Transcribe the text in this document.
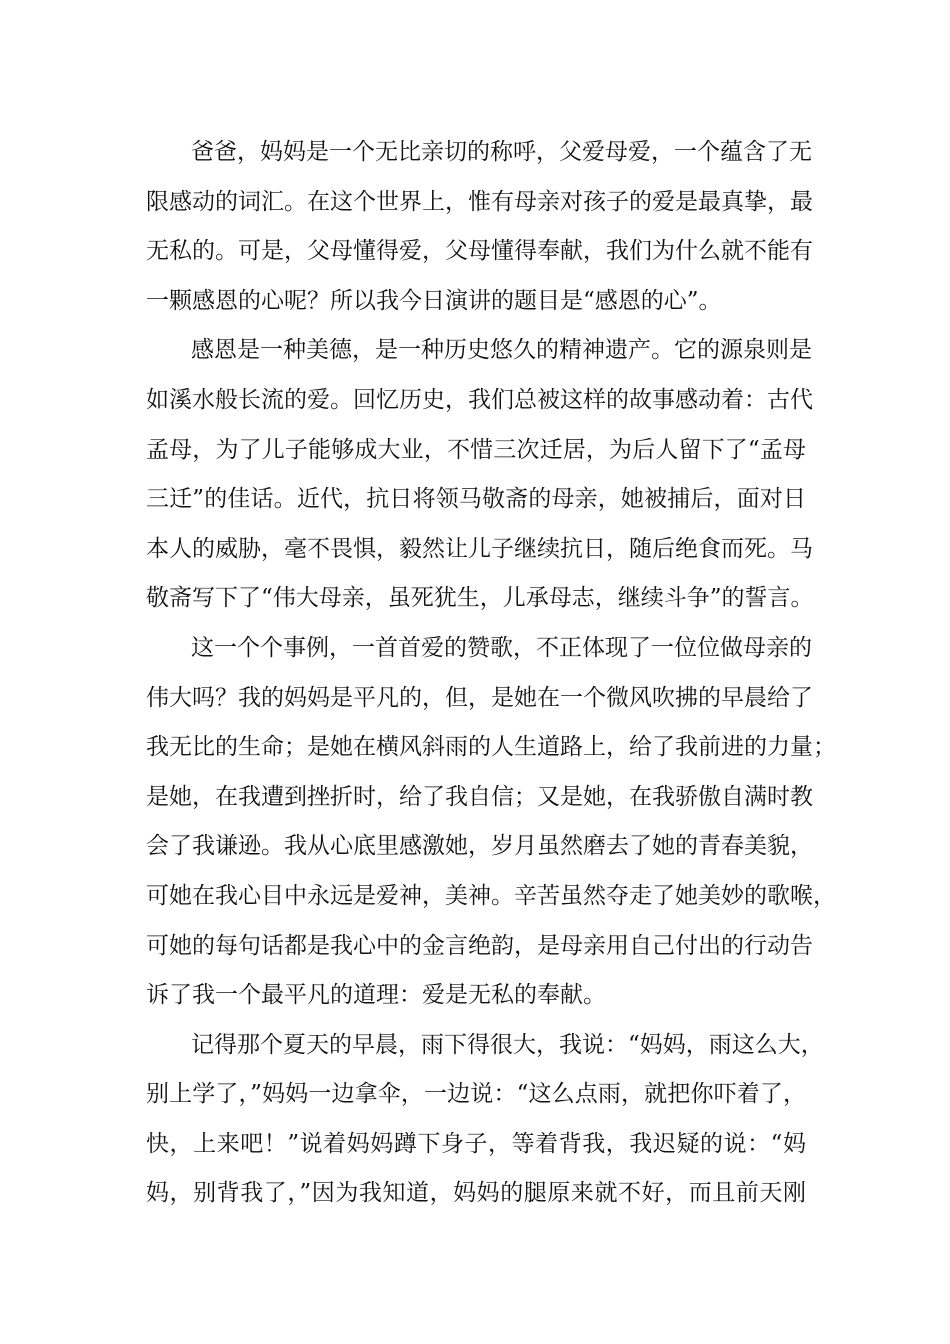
爸爸，妈妈是一个无比亲切的称呼，父爱母爱，一个蕴含了无
限感动的词汇。在这个世界上，惟有母亲对孩子的爱是最真挚，最
无私的。可是，父母懂得爱，父母懂得奉献，我们为什么就不能有
一颗感恩的心呢？所以我今日演讲的题目是“感恩的心”。
感恩是一种美德，是一种历史悠久的精神遗产。它的源泉则是
如溪水般长流的爱。回忆历史，我们总被这样的故事感动着：古代
孟母，为了儿子能够成大业，不惜三次迁居，为后人留下了“孟母
三迁”的佳话。近代，抗日将领马敬斋的母亲，她被捕后，面对日
本人的威胁，毫不畏惧，毅然让儿子继续抗日，随后绝食而死。马
敬斋写下了“伟大母亲，虽死犹生，儿承母志，继续斗争”的誓言。
这一个个事例，一首首爱的赞歌，不正体现了一位位做母亲的
伟大吗？我的妈妈是平凡的，但，是她在一个微风吹拂的早晨给了
我无比的生命；是她在横风斜雨的人生道路上，给了我前进的力量；
是她，在我遭到挫折时，给了我自信；又是她，在我骄傲自满时教
会了我谦逊。我从心底里感激她，岁月虽然磨去了她的青春美貌，
可她在我心目中永远是爱神，美神。辛苦虽然夺走了她美妙的歌喉，
可她的每句话都是我心中的金言绝韵，是母亲用自己付出的行动告
诉了我一个最平凡的道理：爱是无私的奉献。
记得那个夏天的早晨，雨下得很大，我说：“妈妈，雨这么大，
别上学了，”妈妈一边拿伞，一边说：“这么点雨，就把你吓着了，
快，上来吧！”说着妈妈蹲下身子，等着背我，我迟疑的说：“妈
妈，别背我了，”因为我知道，妈妈的腿原来就不好，而且前天刚
